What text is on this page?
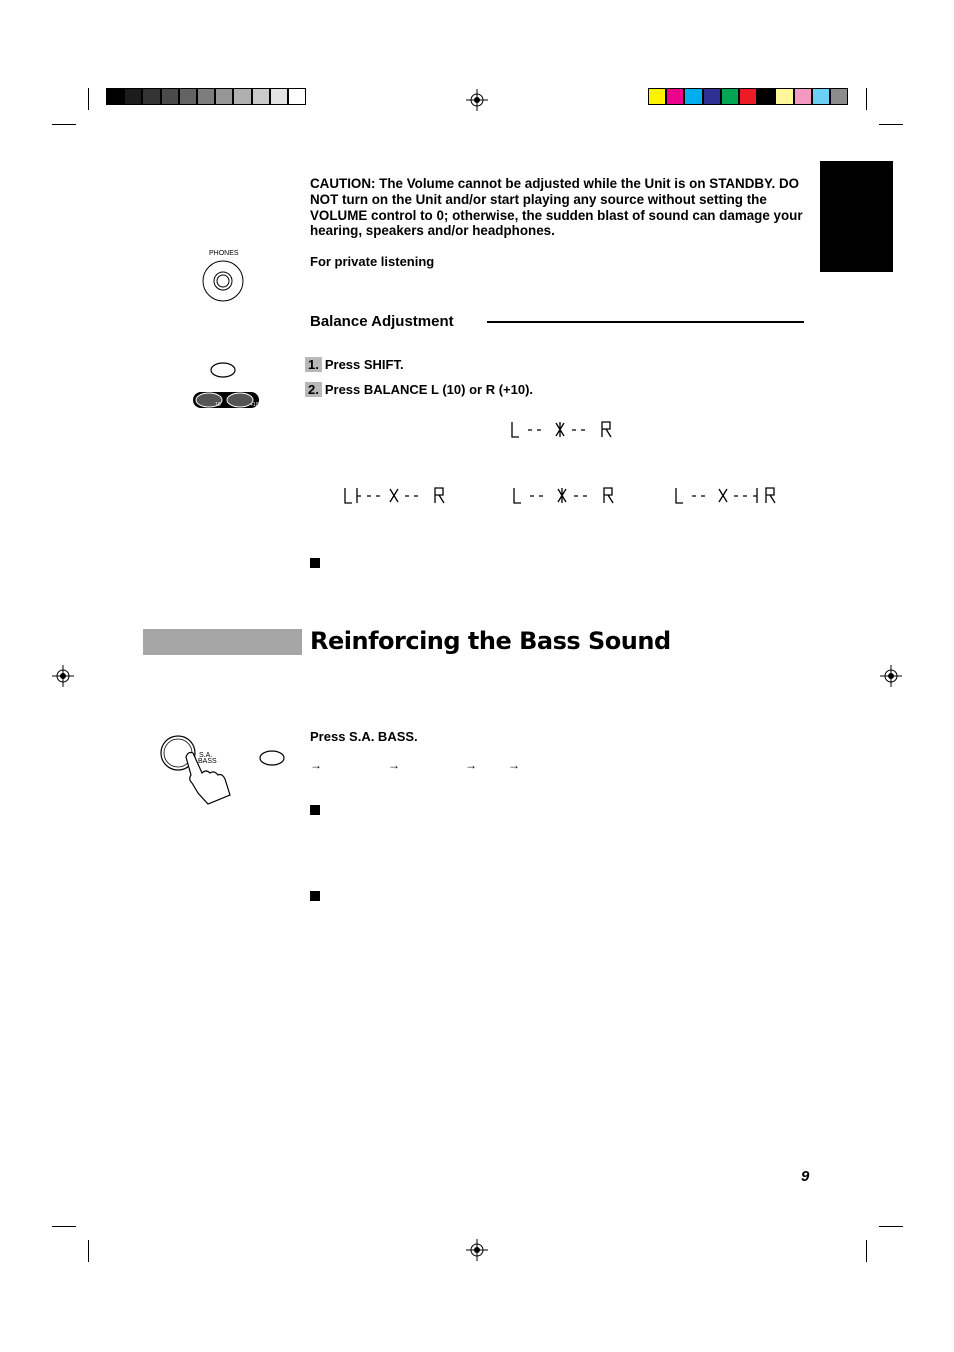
CAUTION: The Volume cannot be adjusted while the Unit is on STANDBY. DO NOT turn on the Unit and/or start playing any source without setting the VOLUME control to 0; otherwise, the sudden blast of sound can damage your hearing, speakers and/or headphones.
PHONES
For private listening
Balance Adjustment
10	+10
1. Press SHIFT.
2. Press BALANCE L (10) or R (+10).
Reinforcing the Bass Sound
S.A.
BASS
Press S.A. BASS.
→	→	→	→
9
